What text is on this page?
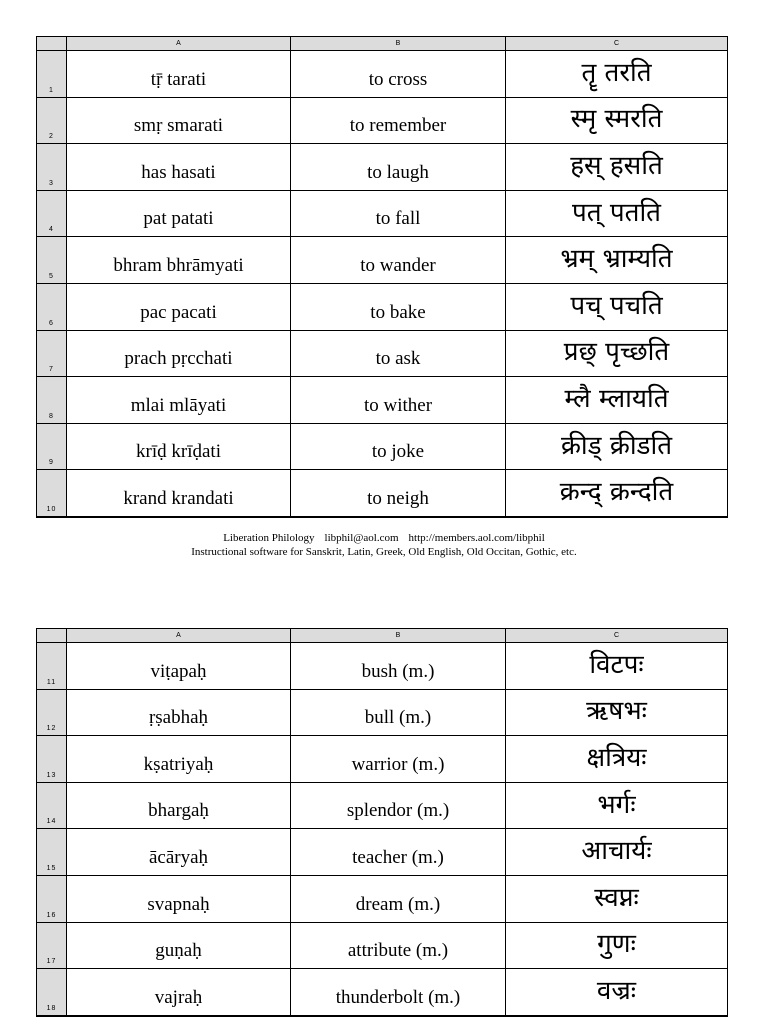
A	B	C
1
tṝ tarati	to cross	तॄ तरति
2
smṛ smarati	to remember	स्मृ स्मरति
3
has hasati	to laugh	हस् हसति
4
pat patati	to fall	पत् पतति
5
bhram bhrāmyati	to wander	भ्रम् भ्राम्यति
6
pac pacati	to bake	पच् पचति
7
prach pṛcchati	to ask	प्रछ् पृच्छति
8
mlai mlāyati	to wither	म्लै म्लायति
9
krīḍ krīḍati	to joke	क्रीड् क्रीडति
10
krand krandati	to neigh	क्रन्द् क्रन्दति
Liberation Philology libphil@aol.com http://members.aol.com/libphil
Instructional software for Sanskrit, Latin, Greek, Old English, Old Occitan, Gothic, etc.
A	B	C
11
viṭapaḥ	bush (m.)	विटपः
12
ṛṣabhaḥ	bull (m.)	ऋषभः
13
kṣatriyaḥ	warrior (m.)	क्षत्रियः
14
bhargaḥ	splendor (m.)	भर्गः
15
ācāryaḥ	teacher (m.)	आचार्यः
16
svapnaḥ	dream (m.)	स्वप्नः
17
guṇaḥ	attribute (m.)	गुणः
18
vajraḥ	thunderbolt (m.)	वज्रः
